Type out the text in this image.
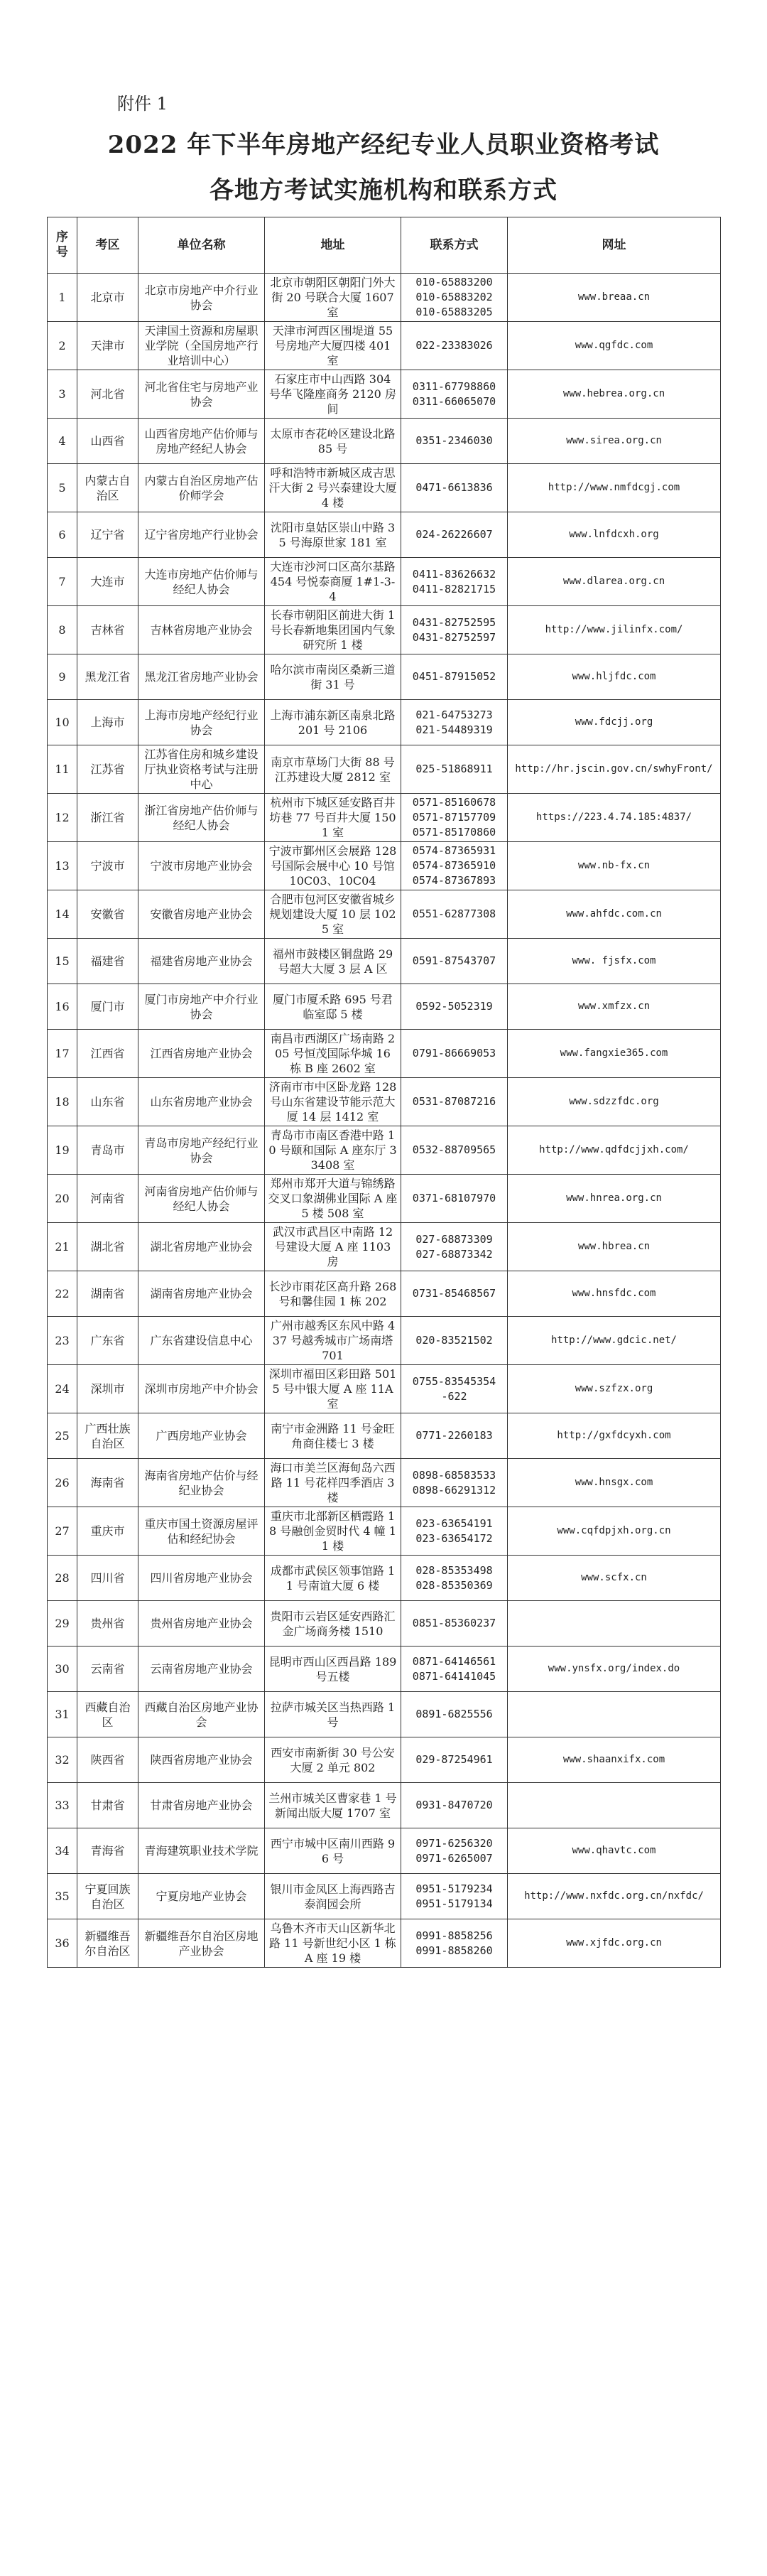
附件 1
2022 年下半年房地产经纪专业人员职业资格考试
各地方考试实施机构和联系方式
序号	考区	单位名称	地址	联系方式	网址
1	北京市	北京市房地产中介行业协会	北京市朝阳区朝阳门外大街 20 号联合大厦 1607 室	010-65883200
010-65883202
010-65883205	www.breaa.cn
2	天津市	天津国土资源和房屋职业学院（全国房地产行业培训中心）	天津市河西区围堤道 55 号房地产大厦四楼 401 室	022-23383026	www.qgfdc.com
3	河北省	河北省住宅与房地产业协会	石家庄市中山西路 304 号华飞隆座商务 2120 房间	0311-67798860
0311-66065070	www.hebrea.org.cn
4	山西省	山西省房地产估价师与房地产经纪人协会	太原市杏花岭区建设北路 85 号	0351-2346030	www.sirea.org.cn
5	内蒙古自治区	内蒙古自治区房地产估价师学会	呼和浩特市新城区成吉思汗大街 2 号兴泰建设大厦 4 楼	0471-6613836	http://www.nmfdcgj.com
6	辽宁省	辽宁省房地产行业协会	沈阳市皇姑区崇山中路 35 号海原世家 181 室	024-26226607	www.lnfdcxh.org
7	大连市	大连市房地产估价师与经纪人协会	大连市沙河口区高尔基路 454 号悦泰商厦 1#1-3-4	0411-83626632
0411-82821715	www.dlarea.org.cn
8	吉林省	吉林省房地产业协会	长春市朝阳区前进大街 1 号长春新地集团国内气象研究所 1 楼	0431-82752595
0431-82752597	http://www.jilinfx.com/
9	黑龙江省	黑龙江省房地产业协会	哈尔滨市南岗区桑新三道街 31 号	0451-87915052	www.hljfdc.com
10	上海市	上海市房地产经纪行业协会	上海市浦东新区南泉北路 201 号 2106	021-64753273
021-54489319	www.fdcjj.org
11	江苏省	江苏省住房和城乡建设厅执业资格考试与注册中心	南京市草场门大街 88 号江苏建设大厦 2812 室	025-51868911	http://hr.jscin.gov.cn/swhyFront/
12	浙江省	浙江省房地产估价师与经纪人协会	杭州市下城区延安路百井坊巷 77 号百井大厦 1501 室	0571-85160678
0571-87157709
0571-85170860	https://223.4.74.185:4837/
13	宁波市	宁波市房地产业协会	宁波市鄞州区会展路 128 号国际会展中心 10 号馆 10C03、10C04	0574-87365931
0574-87365910
0574-87367893	www.nb-fx.cn
14	安徽省	安徽省房地产业协会	合肥市包河区安徽省城乡规划建设大厦 10 层 1025 室	0551-62877308	www.ahfdc.com.cn
15	福建省	福建省房地产业协会	福州市鼓楼区铜盘路 29 号超大大厦 3 层 A 区	0591-87543707	www. fjsfx.com
16	厦门市	厦门市房地产中介行业协会	厦门市厦禾路 695 号君临室邸 5 楼	0592-5052319	www.xmfzx.cn
17	江西省	江西省房地产业协会	南昌市西湖区广场南路 205 号恒茂国际华城 16 栋 B 座 2602 室	0791-86669053	www.fangxie365.com
18	山东省	山东省房地产业协会	济南市市中区卧龙路 128 号山东省建设节能示范大厦 14 层 1412 室	0531-87087216	www.sdzzfdc.org
19	青岛市	青岛市房地产经纪行业协会	青岛市市南区香港中路 10 号颐和国际 A 座东厅 33408 室	0532-88709565	http://www.qdfdcjjxh.com/
20	河南省	河南省房地产估价师与经纪人协会	郑州市郑开大道与锦绣路交叉口象湖佛业国际 A 座 5 楼 508 室	0371-68107970	www.hnrea.org.cn
21	湖北省	湖北省房地产业协会	武汉市武昌区中南路 12 号建设大厦 A 座 1103 房	027-68873309
027-68873342	www.hbrea.cn
22	湖南省	湖南省房地产业协会	长沙市雨花区高升路 268 号和馨佳园 1 栋 202	0731-85468567	www.hnsfdc.com
23	广东省	广东省建设信息中心	广州市越秀区东风中路 437 号越秀城市广场南塔 701	020-83521502	http://www.gdcic.net/
24	深圳市	深圳市房地产中介协会	深圳市福田区彩田路 5015 号中银大厦 A 座 11A 室	0755-83545354
-622	www.szfzx.org
25	广西壮族自治区	广西房地产业协会	南宁市金洲路 11 号金旺角商住楼七 3 楼	0771-2260183	http://gxfdcyxh.com
26	海南省	海南省房地产估价与经纪业协会	海口市美兰区海甸岛六西路 11 号花样四季酒店 3 楼	0898-68583533
0898-66291312	www.hnsgx.com
27	重庆市	重庆市国土资源房屋评估和经纪协会	重庆市北部新区栖霞路 18 号融创金贸时代 4 幢 11 楼	023-63654191
023-63654172	www.cqfdpjxh.org.cn
28	四川省	四川省房地产业协会	成都市武侯区领事馆路 11 号南谊大厦 6 楼	028-85353498
028-85350369	www.scfx.cn
29	贵州省	贵州省房地产业协会	贵阳市云岩区延安西路汇金广场商务楼 1510	0851-85360237	

30	云南省	云南省房地产业协会	昆明市西山区西昌路 189 号五楼	0871-64146561
0871-64141045	www.ynsfx.org/index.do
31	西藏自治区	西藏自治区房地产业协会	拉萨市城关区当热西路 1 号	0891-6825556	

32	陕西省	陕西省房地产业协会	西安市南新街 30 号公安大厦 2 单元 802	029-87254961	www.shaanxifx.com
33	甘肃省	甘肃省房地产业协会	兰州市城关区曹家巷 1 号新闻出版大厦 1707 室	0931-8470720	

34	青海省	青海建筑职业技术学院	西宁市城中区南川西路 96 号	0971-6256320
0971-6265007	www.qhavtc.com
35	宁夏回族自治区	宁夏房地产业协会	银川市金凤区上海西路吉泰润园会所	0951-5179234
0951-5179134	http://www.nxfdc.org.cn/nxfdc/
36	新疆维吾尔自治区	新疆维吾尔自治区房地产业协会	乌鲁木齐市天山区新华北路 11 号新世纪小区 1 栋 A 座 19 楼	0991-8858256
0991-8858260	www.xjfdc.org.cn
